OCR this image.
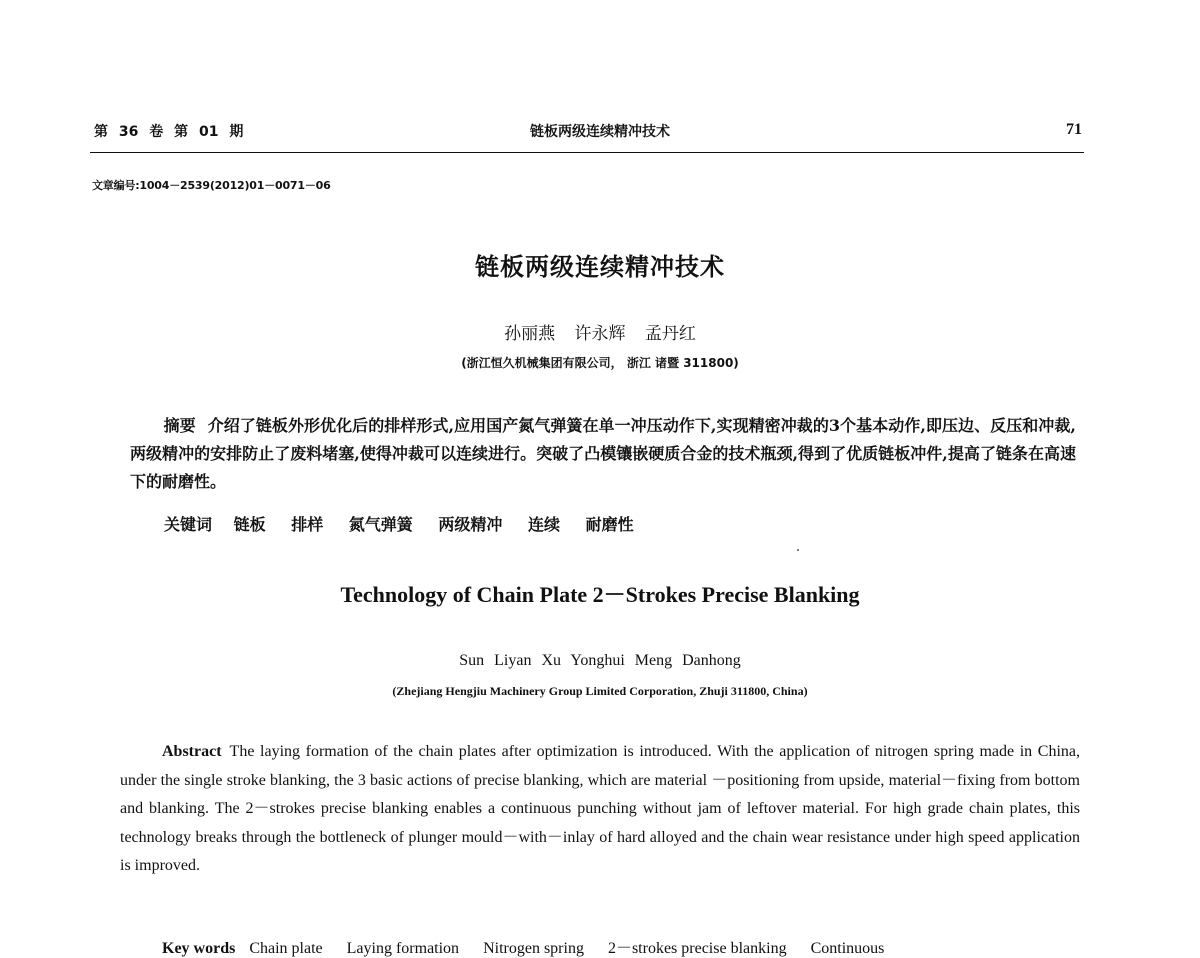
第 36 卷 第 01 期	链板两级连续精冲技术	71
文章编号:1004－2539(2012)01－0071－06
链板两级连续精冲技术
孙丽燕 许永辉 孟丹红
(浙江恒久机械集团有限公司， 浙江 诸暨 311800)

摘要 介绍了链板外形优化后的排样形式,应用国产氮气弹簧在单一冲压动作下,实现精密冲裁的3个基本动作,即压边、反压和冲裁,两级精冲的安排防止了废料堵塞,使得冲裁可以连续进行。突破了凸模镶嵌硬质合金的技术瓶颈,得到了优质链板冲件,提高了链条在高速下的耐磨性。

关键词 链板 排样 氮气弹簧 两级精冲 连续 耐磨性
Technology of Chain Plate 2－Strokes Precise Blanking
Sun Liyan Xu Yonghui Meng Danhong
(Zhejiang Hengjiu Machinery Group Limited Corporation, Zhuji 311800, China)

Abstract The laying formation of the chain plates after optimization is introduced. With the application of nitrogen spring made in China, under the single stroke blanking, the 3 basic actions of precise blanking, which are material －positioning from upside, material－fixing from bottom and blanking. The 2－strokes precise blanking enables a continuous punching without jam of leftover material. For high grade chain plates, this technology breaks through the bottleneck of plunger mould－with－inlay of hard alloyed and the chain wear resistance under high speed application is improved.

Key words Chain plate Laying formation Nitrogen spring 2－strokes precise blanking Continuous
